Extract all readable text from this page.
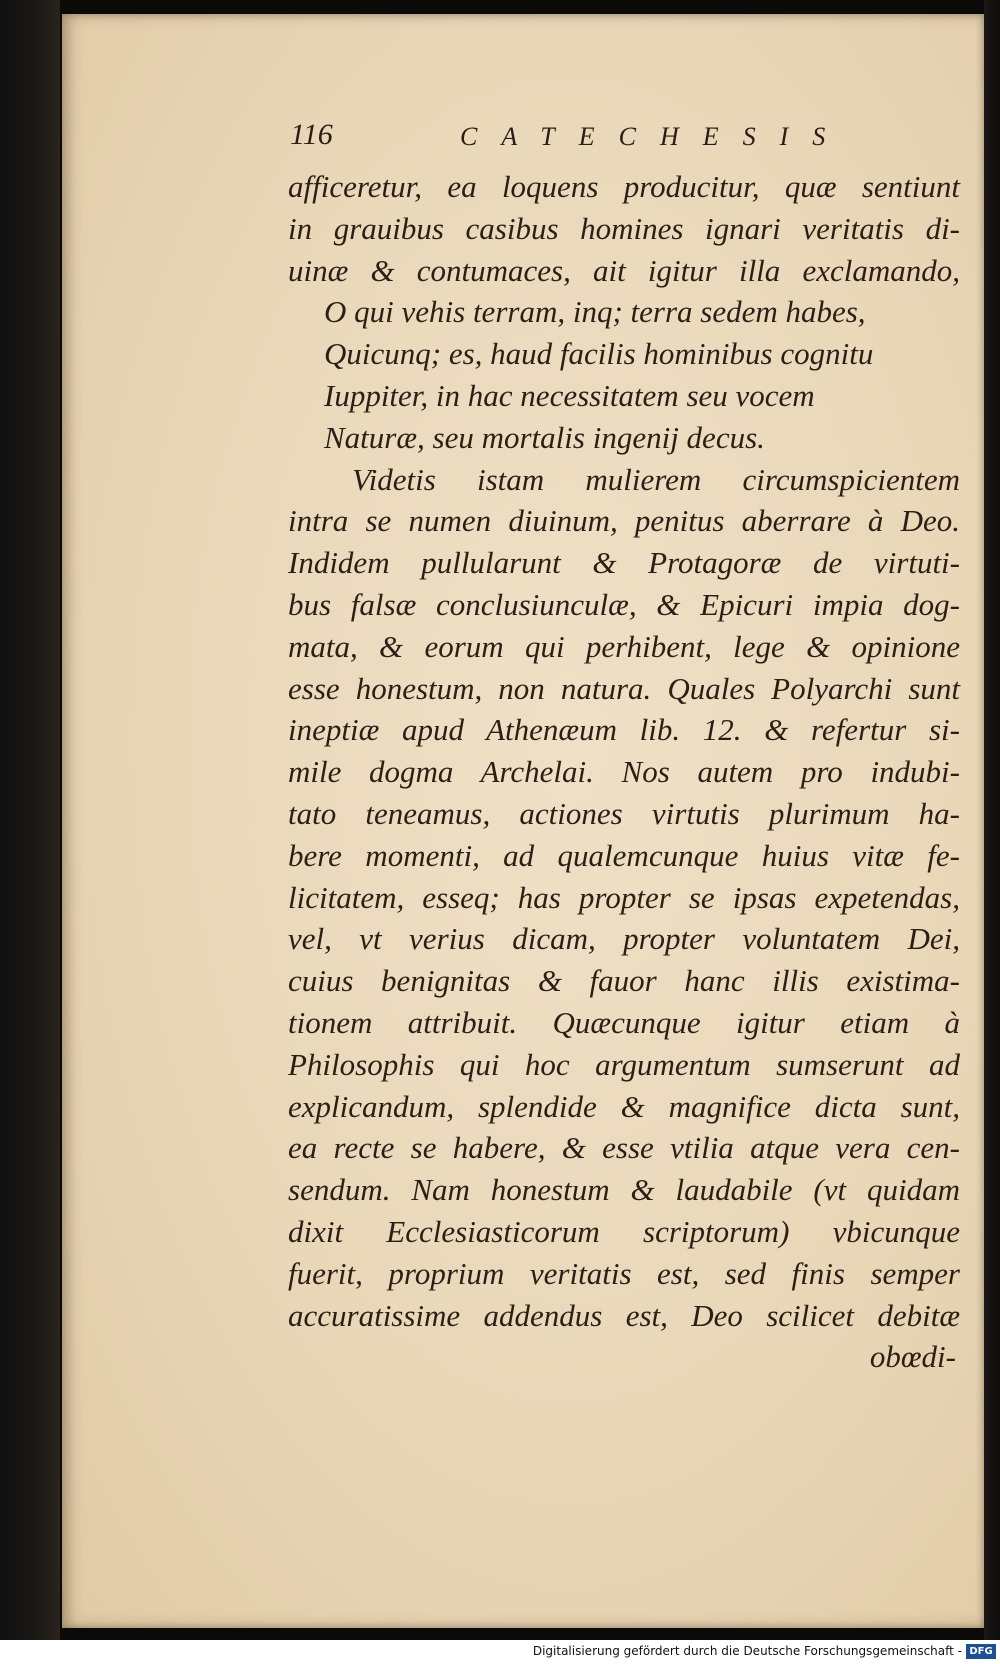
116	CATECHESIS
afficeretur, ea loquens producitur, quæ sentiunt
in grauibus casibus homines ignari veritatis di-
uinæ & contumaces, ait igitur illa exclamando,
O qui vehis terram, inq; terra sedem habes,
Quicunq; es, haud facilis hominibus cognitu
Iuppiter, in hac necessitatem seu vocem
Naturæ, seu mortalis ingenij decus.
Videtis istam mulierem circumspicientem
intra se numen diuinum, penitus aberrare à Deo.
Indidem pullularunt & Protagoræ de virtuti-
bus falsæ conclusiunculæ, & Epicuri impia dog-
mata, & eorum qui perhibent, lege & opinione
esse honestum, non natura. Quales Polyarchi sunt
ineptiæ apud Athenæum lib. 12. & refertur si-
mile dogma Archelai. Nos autem pro indubi-
tato teneamus, actiones virtutis plurimum ha-
bere momenti, ad qualemcunque huius vitæ fe-
licitatem, esseq; has propter se ipsas expetendas,
vel, vt verius dicam, propter voluntatem Dei,
cuius benignitas & fauor hanc illis existima-
tionem attribuit. Quæcunque igitur etiam à
Philosophis qui hoc argumentum sumserunt ad
explicandum, splendide & magnifice dicta sunt,
ea recte se habere, & esse vtilia atque vera cen-
sendum. Nam honestum & laudabile (vt quidam
dixit Ecclesiasticorum scriptorum) vbicunque
fuerit, proprium veritatis est, sed finis semper
accuratissime addendus est, Deo scilicet debitæ
obœdi-
Digitalisierung gefördert durch die Deutsche Forschungsgemeinschaft - DFG
